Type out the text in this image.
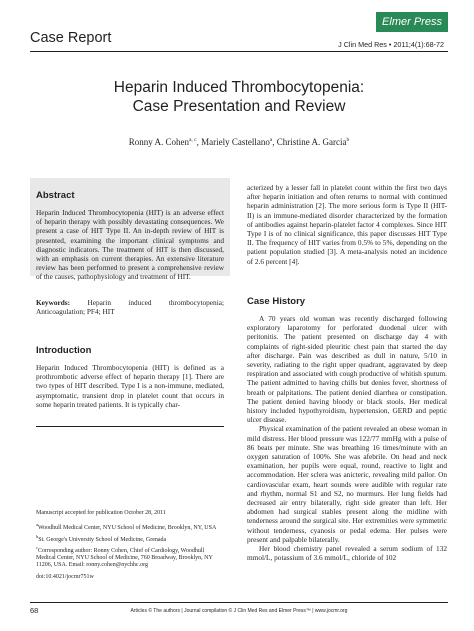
Elmer Press
Case Report	J Clin Med Res • 2011;4(1):68-72
Heparin Induced Thrombocytopenia:
Case Presentation and Review
Ronny A. Cohen$^{a, c}$, Mariely Castellano$^a$, Christine A. Garcia$^b$
Abstract
Heparin Induced Thrombocytopenia (HIT) is an adverse effect of heparin therapy with possibly devastating consequences. We present a case of HIT Type II. An in-depth review of HIT is presented, examining the important clinical symptoms and diagnostic indicators. The treatment of HIT is then discussed, with an emphasis on current therapies. An extensive literature review has been performed to present a comprehensive review of the causes, pathophysiology and treatment of HIT.
Keywords: Heparin induced thrombocytopenia; Anticoagulation; PF4; HIT
Introduction
Heparin Induced Thrombocytopenia (HIT) is defined as a prothrombotic adverse effect of heparin therapy [1]. There are two types of HIT described. Type I is a non-immune, mediated, asymptomatic, transient drop in platelet count that occurs in some heparin treated patients. It is typically char-
Manuscript accepted for publication October 28, 2011
$^a$Woodhull Medical Center, NYU School of Medicine, Brooklyn, NY, USA
$^b$St. George's University School of Medicine, Grenada
$^c$Corresponding author: Ronny Cohen, Chief of Cardiology, Woodhull Medical Center, NYU School of Medicine, 760 Broadway, Brooklyn, NY 11206, USA. Email: ronny.cohen@nychhc.org
doi:10.4021/jocmr751w
acterized by a lesser fall in platelet count within the first two days after heparin initiation and often returns to normal with continued heparin administration [2]. The more serious form is Type II (HIT-II) is an immune-mediated disorder characterized by the formation of antibodies against heparin-platelet factor 4 complexes. Since HIT Type I is of no clinical significance, this paper discusses HIT Type II. The frequency of HIT varies from 0.5% to 5%, depending on the patient population studied [3]. A meta-analysis noted an incidence of 2.6 percent [4].
Case History
A 70 years old woman was recently discharged following exploratory laparotomy for perforated duodenal ulcer with peritonitis. The patient presented on discharge day 4 with complaints of right-sided pleuritic chest pain that started the day after discharge. Pain was described as dull in nature, 5/10 in severity, radiating to the right upper quadrant, aggravated by deep respiration and associated with cough productive of whitish sputum. The patient admitted to having chills but denies fever, shortness of breath or palpitations. The patient denied diarrhea or constipation. The patient denied having bloody or black stools. Her medical history included hypothyroidism, hypertension, GERD and peptic ulcer disease.
Physical examination of the patient revealed an obese woman in mild distress. Her blood pressure was 122/77 mmHg with a pulse of 86 beats per minute. She was breathing 16 times/minute with an oxygen saturation of 100%. She was afebrile. On head and neck examination, her pupils were equal, round, reactive to light and accommodation. Her sclera was anicteric, revealing mild pallor. On cardiovascular exam, heart sounds were audible with regular rate and rhythm, normal S1 and S2, no murmurs. Her lung fields had decreased air entry bilaterally, right side greater than left. Her abdomen had surgical stables present along the midline with tenderness around the surgical site. Her extremities were symmetric without tenderness, cyanosis or pedal edema. Her pulses were present and palpable bilaterally.
Her blood chemistry panel revealed a serum sodium of 132 mmol/L, potassium of 3.6 mmol/L, chloride of 102
68	Articles © The authors | Journal compilation © J Clin Med Res and Elmer Press™ | www.jocmr.org
